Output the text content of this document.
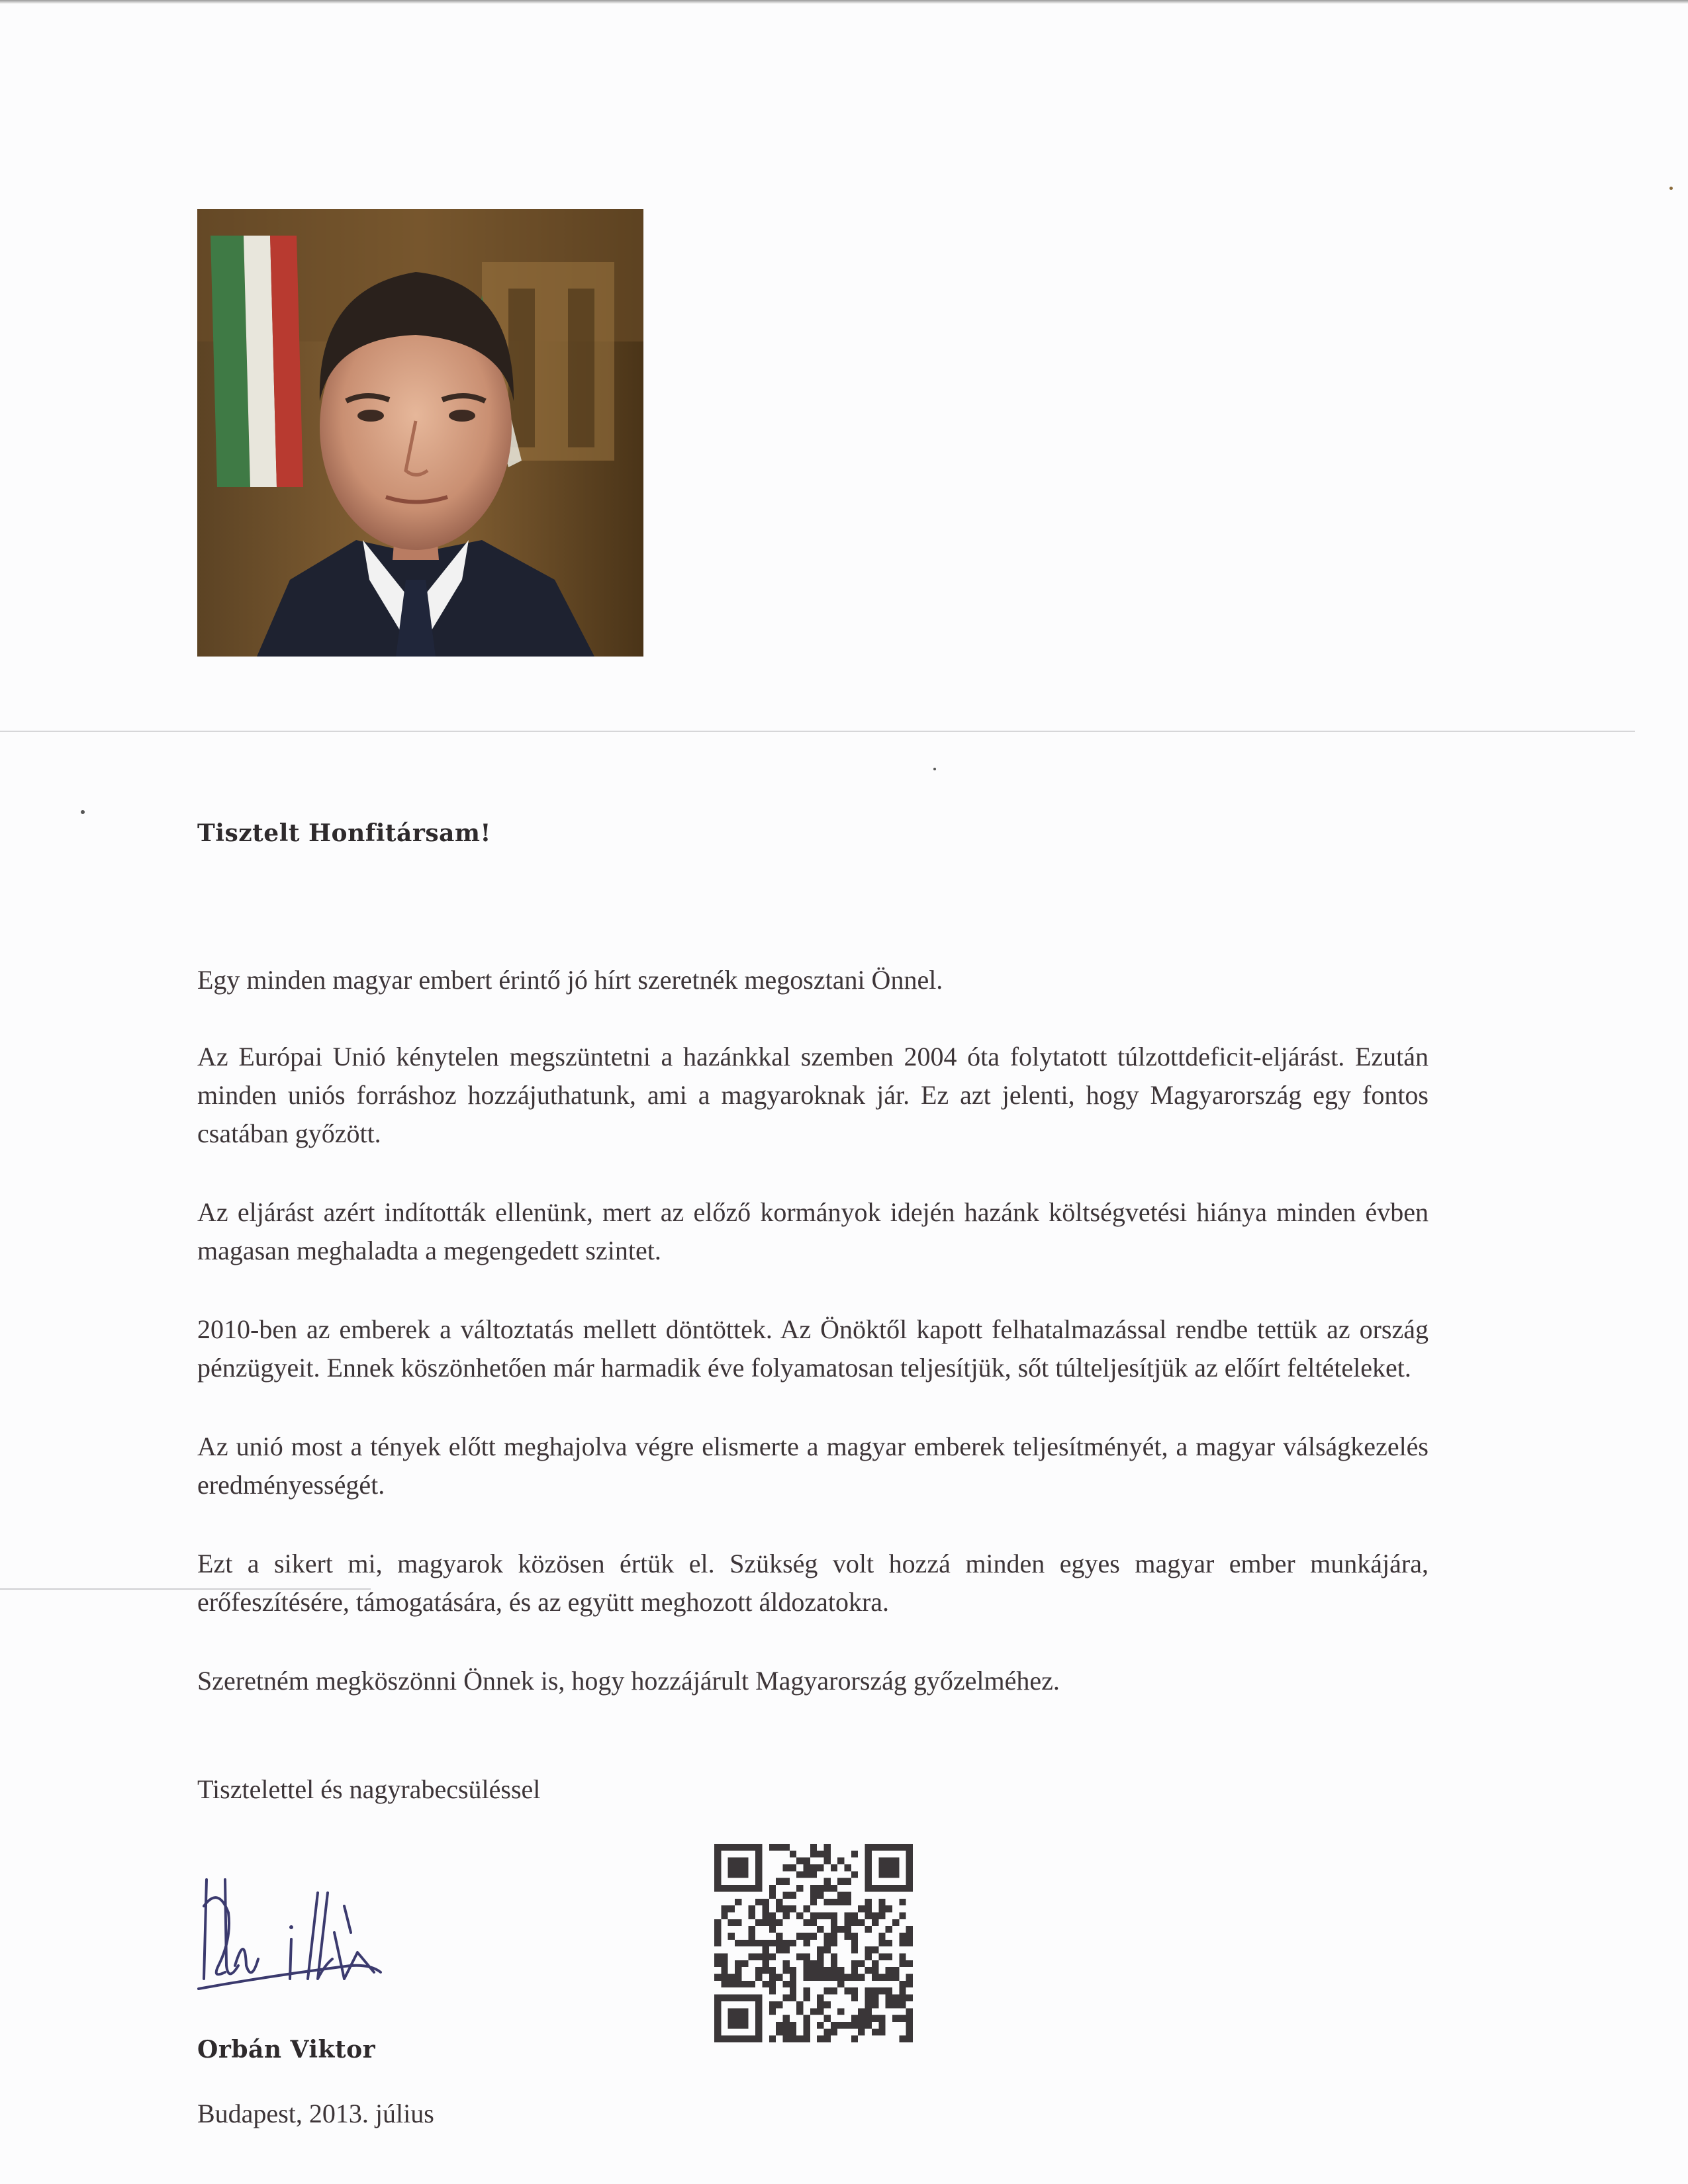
Tisztelt Honfitársam!

Egy minden magyar embert érintő jó hírt szeretnék megosztani Önnel.

Az Európai Unió kénytelen megszüntetni a hazánkkal szemben 2004 óta folytatott túlzottdeficit-eljárást. Ezután minden uniós forráshoz hozzájuthatunk, ami a magyaroknak jár. Ez azt jelenti, hogy Magyarország egy fontos csatában győzött.

Az eljárást azért indították ellenünk, mert az előző kormányok idején hazánk költségvetési hiánya minden évben magasan meghaladta a megengedett szintet.

2010-ben az emberek a változtatás mellett döntöttek. Az Önöktől kapott felhatalmazással rendbe tettük az ország pénzügyeit. Ennek köszönhetően már harmadik éve folyamatosan teljesítjük, sőt túlteljesítjük az előírt feltételeket.

Az unió most a tények előtt meghajolva végre elismerte a magyar emberek teljesítményét, a magyar válságkezelés eredményességét.

Ezt a sikert mi, magyarok közösen értük el. Szükség volt hozzá minden egyes magyar ember munkájára, erőfeszítésére, támogatására, és az együtt meghozott áldozatokra.

Szeretném megköszönni Önnek is, hogy hozzájárult Magyarország győzelméhez.

Tisztelettel és nagyrabecsüléssel
Orbán Viktor
Budapest, 2013. július
